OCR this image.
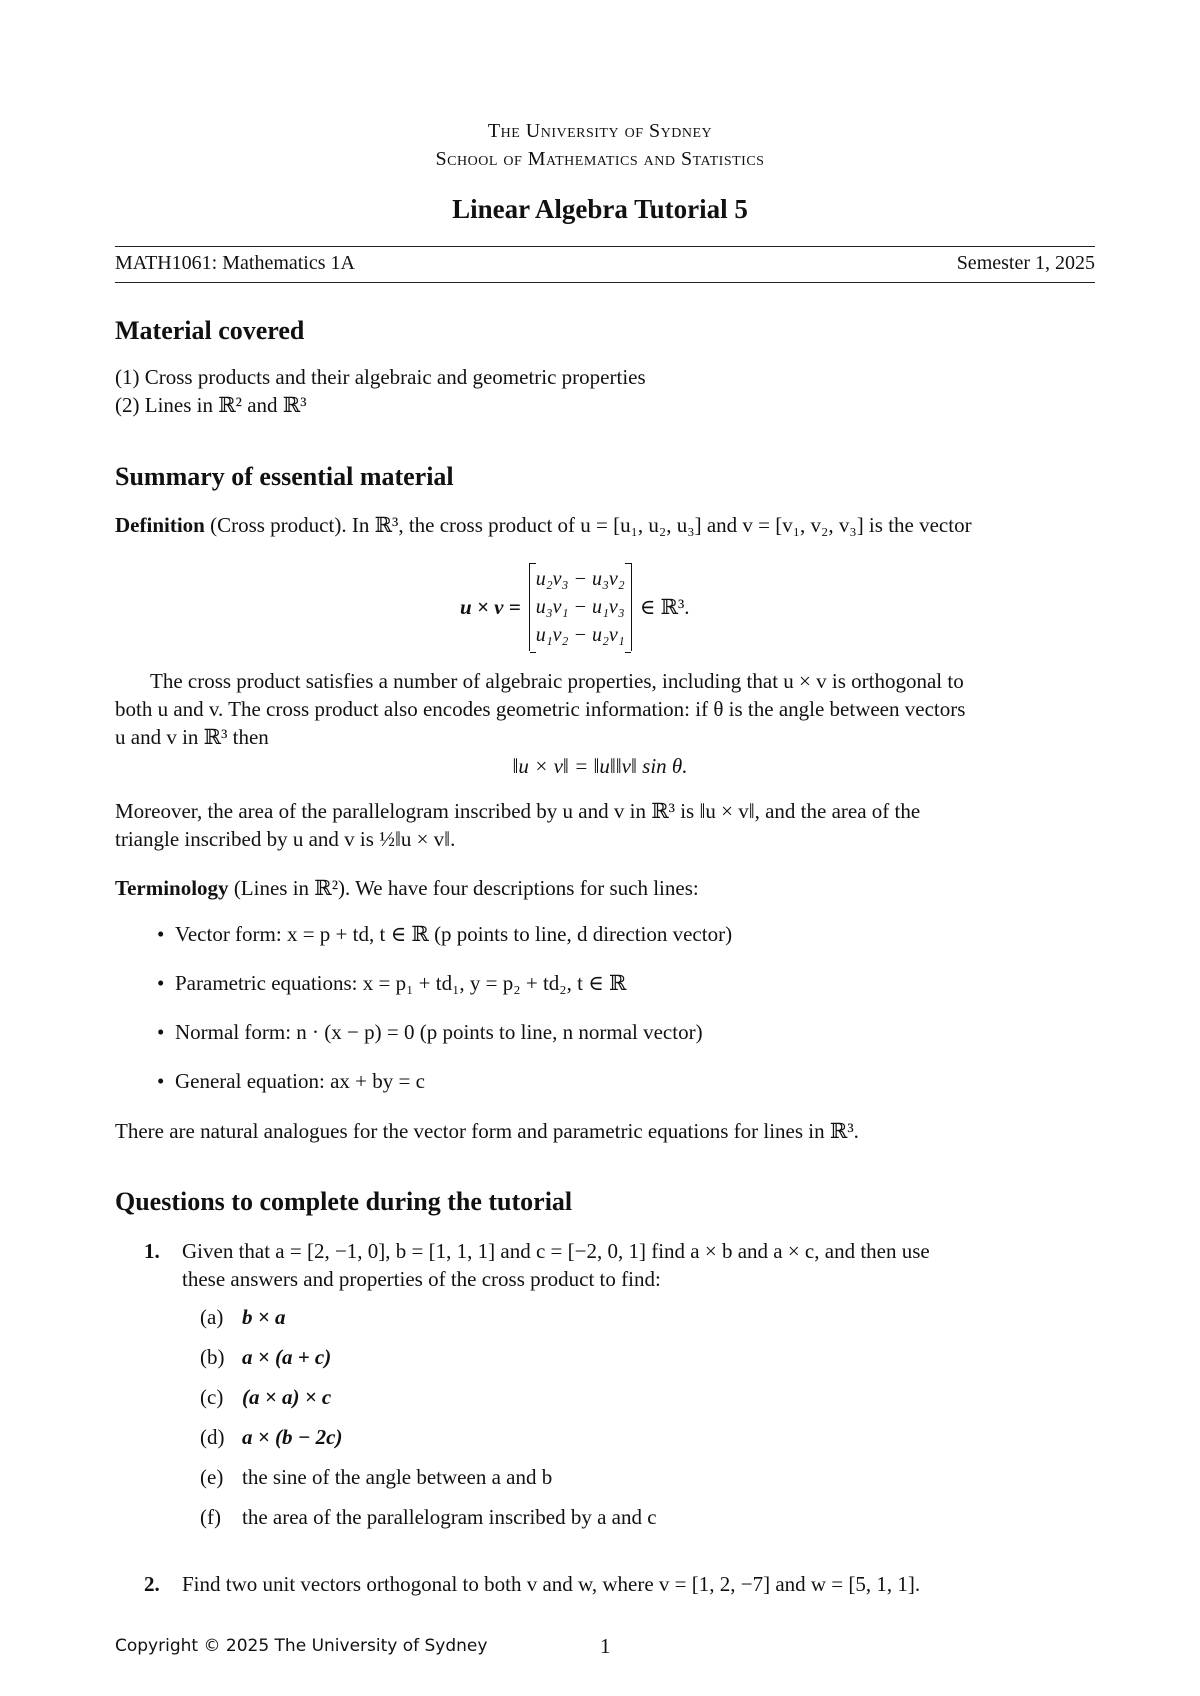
The University of Sydney
School of Mathematics and Statistics
Linear Algebra Tutorial 5
MATH1061: Mathematics 1A	Semester 1, 2025
Material covered
(1) Cross products and their algebraic and geometric properties
(2) Lines in ℝ² and ℝ³
Summary of essential material
Definition (Cross product). In ℝ³, the cross product of u = [u₁, u₂, u₃] and v = [v₁, v₂, v₃] is the vector
u × v =
u₂v₃ − u₃v₂
u₃v₁ − u₁v₃
u₁v₂ − u₂v₁
∈ ℝ³.
The cross product satisfies a number of algebraic properties, including that u × v is orthogonal to
both u and v. The cross product also encodes geometric information: if θ is the angle between vectors
u and v in ℝ³ then
‖u × v‖ = ‖u‖‖v‖ sin θ.
Moreover, the area of the parallelogram inscribed by u and v in ℝ³ is ‖u × v‖, and the area of the
triangle inscribed by u and v is ½‖u × v‖.
Terminology (Lines in ℝ²). We have four descriptions for such lines:
• Vector form: x = p + td, t ∈ ℝ (p points to line, d direction vector)
• Parametric equations: x = p₁ + td₁, y = p₂ + td₂, t ∈ ℝ
• Normal form: n · (x − p) = 0 (p points to line, n normal vector)
• General equation: ax + by = c
There are natural analogues for the vector form and parametric equations for lines in ℝ³.
Questions to complete during the tutorial
1. Given that a = [2, −1, 0], b = [1, 1, 1] and c = [−2, 0, 1] find a × b and a × c, and then use
these answers and properties of the cross product to find:
(a) b × a
(b) a × (a + c)
(c) (a × a) × c
(d) a × (b − 2c)
(e) the sine of the angle between a and b
(f) the area of the parallelogram inscribed by a and c
2. Find two unit vectors orthogonal to both v and w, where v = [1, 2, −7] and w = [5, 1, 1].
Copyright © 2025 The University of Sydney	1
